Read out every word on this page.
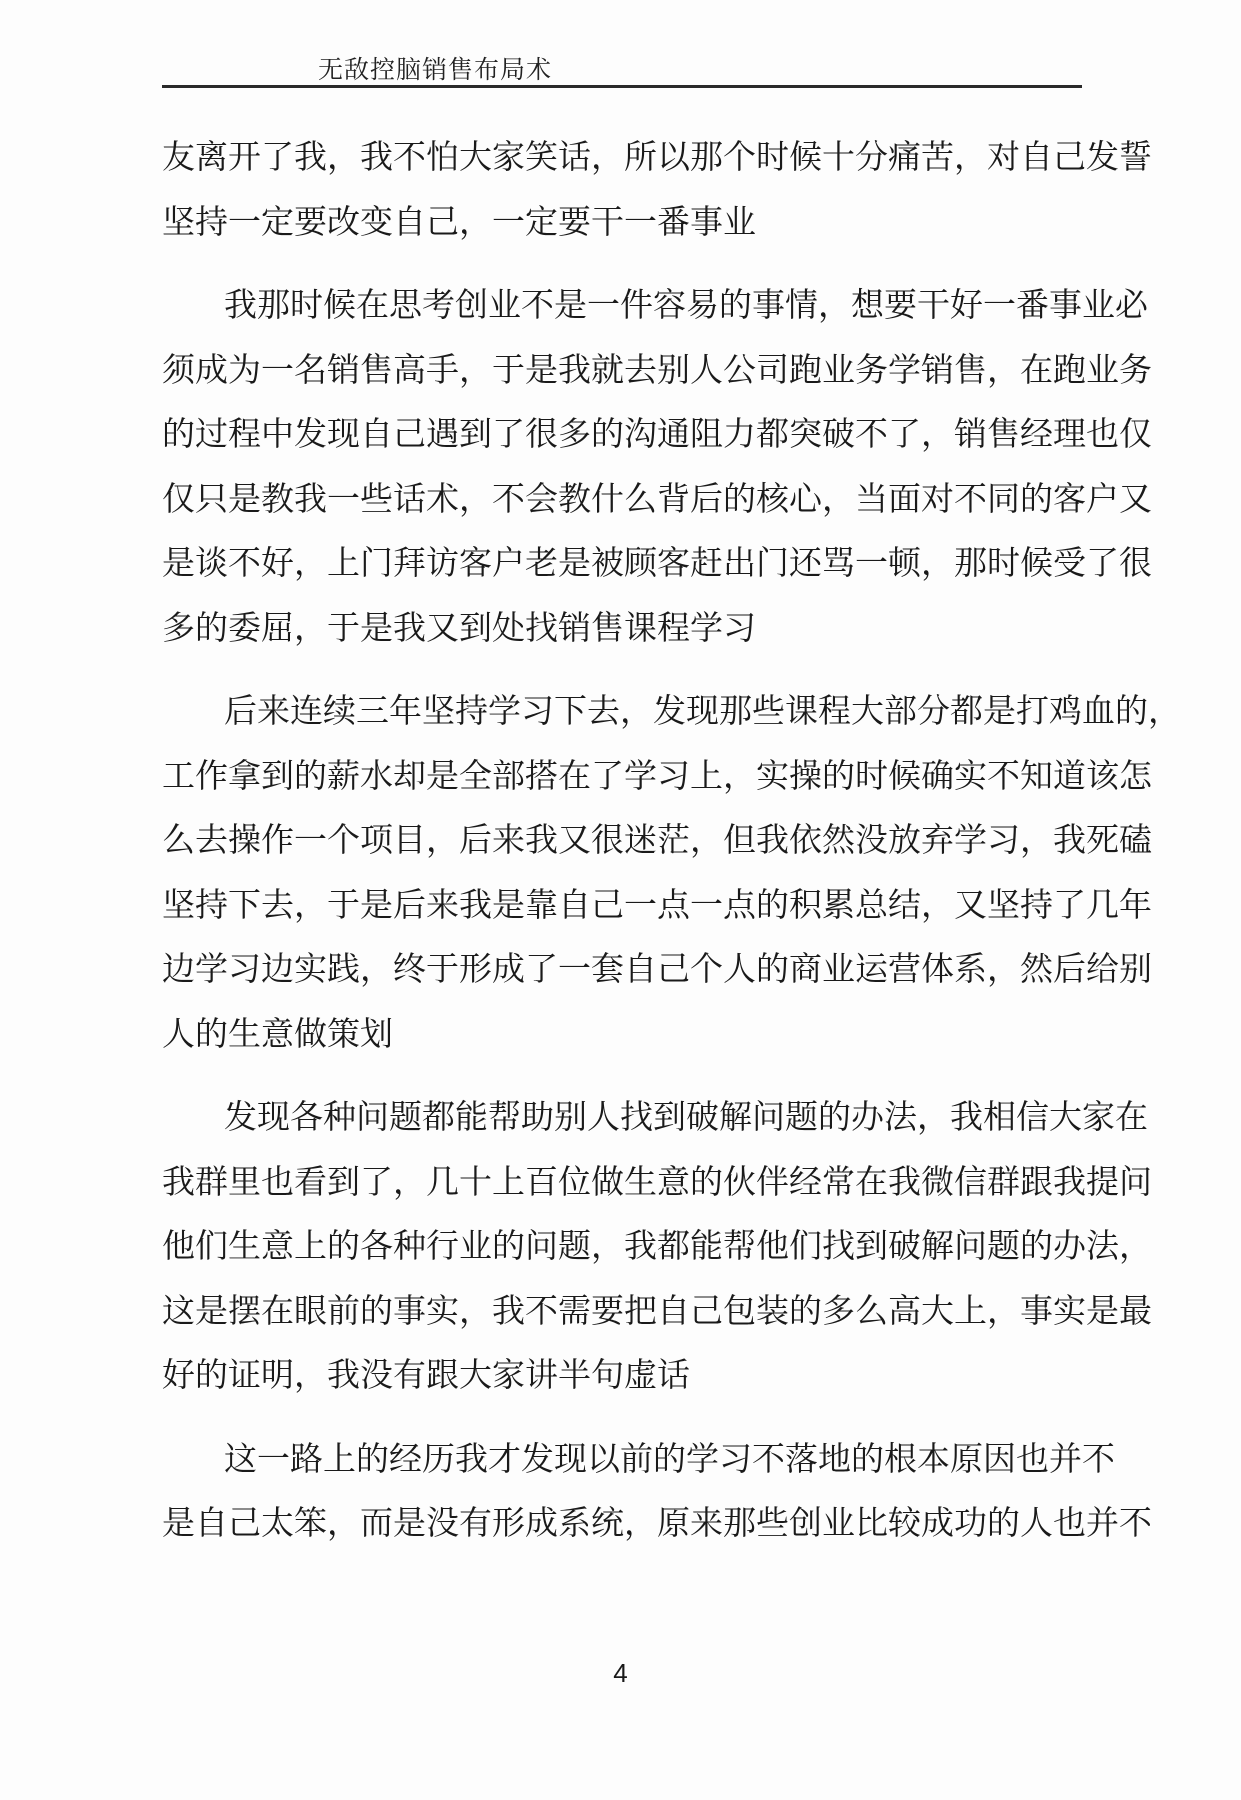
无敌控脑销售布局术
友离开了我，我不怕大家笑话，所以那个时候十分痛苦，对自己发誓
坚持一定要改变自己，一定要干一番事业
我那时候在思考创业不是一件容易的事情，想要干好一番事业必
须成为一名销售高手，于是我就去别人公司跑业务学销售，在跑业务
的过程中发现自己遇到了很多的沟通阻力都突破不了，销售经理也仅
仅只是教我一些话术，不会教什么背后的核心，当面对不同的客户又
是谈不好，上门拜访客户老是被顾客赶出门还骂一顿，那时候受了很
多的委屈，于是我又到处找销售课程学习
后来连续三年坚持学习下去，发现那些课程大部分都是打鸡血的，
工作拿到的薪水却是全部搭在了学习上，实操的时候确实不知道该怎
么去操作一个项目，后来我又很迷茫，但我依然没放弃学习，我死磕
坚持下去，于是后来我是靠自己一点一点的积累总结，又坚持了几年
边学习边实践，终于形成了一套自己个人的商业运营体系，然后给别
人的生意做策划
发现各种问题都能帮助别人找到破解问题的办法，我相信大家在
我群里也看到了，几十上百位做生意的伙伴经常在我微信群跟我提问
他们生意上的各种行业的问题，我都能帮他们找到破解问题的办法，
这是摆在眼前的事实，我不需要把自己包装的多么高大上，事实是最
好的证明，我没有跟大家讲半句虚话
这一路上的经历我才发现以前的学习不落地的根本原因也并不
是自己太笨，而是没有形成系统，原来那些创业比较成功的人也并不
4
